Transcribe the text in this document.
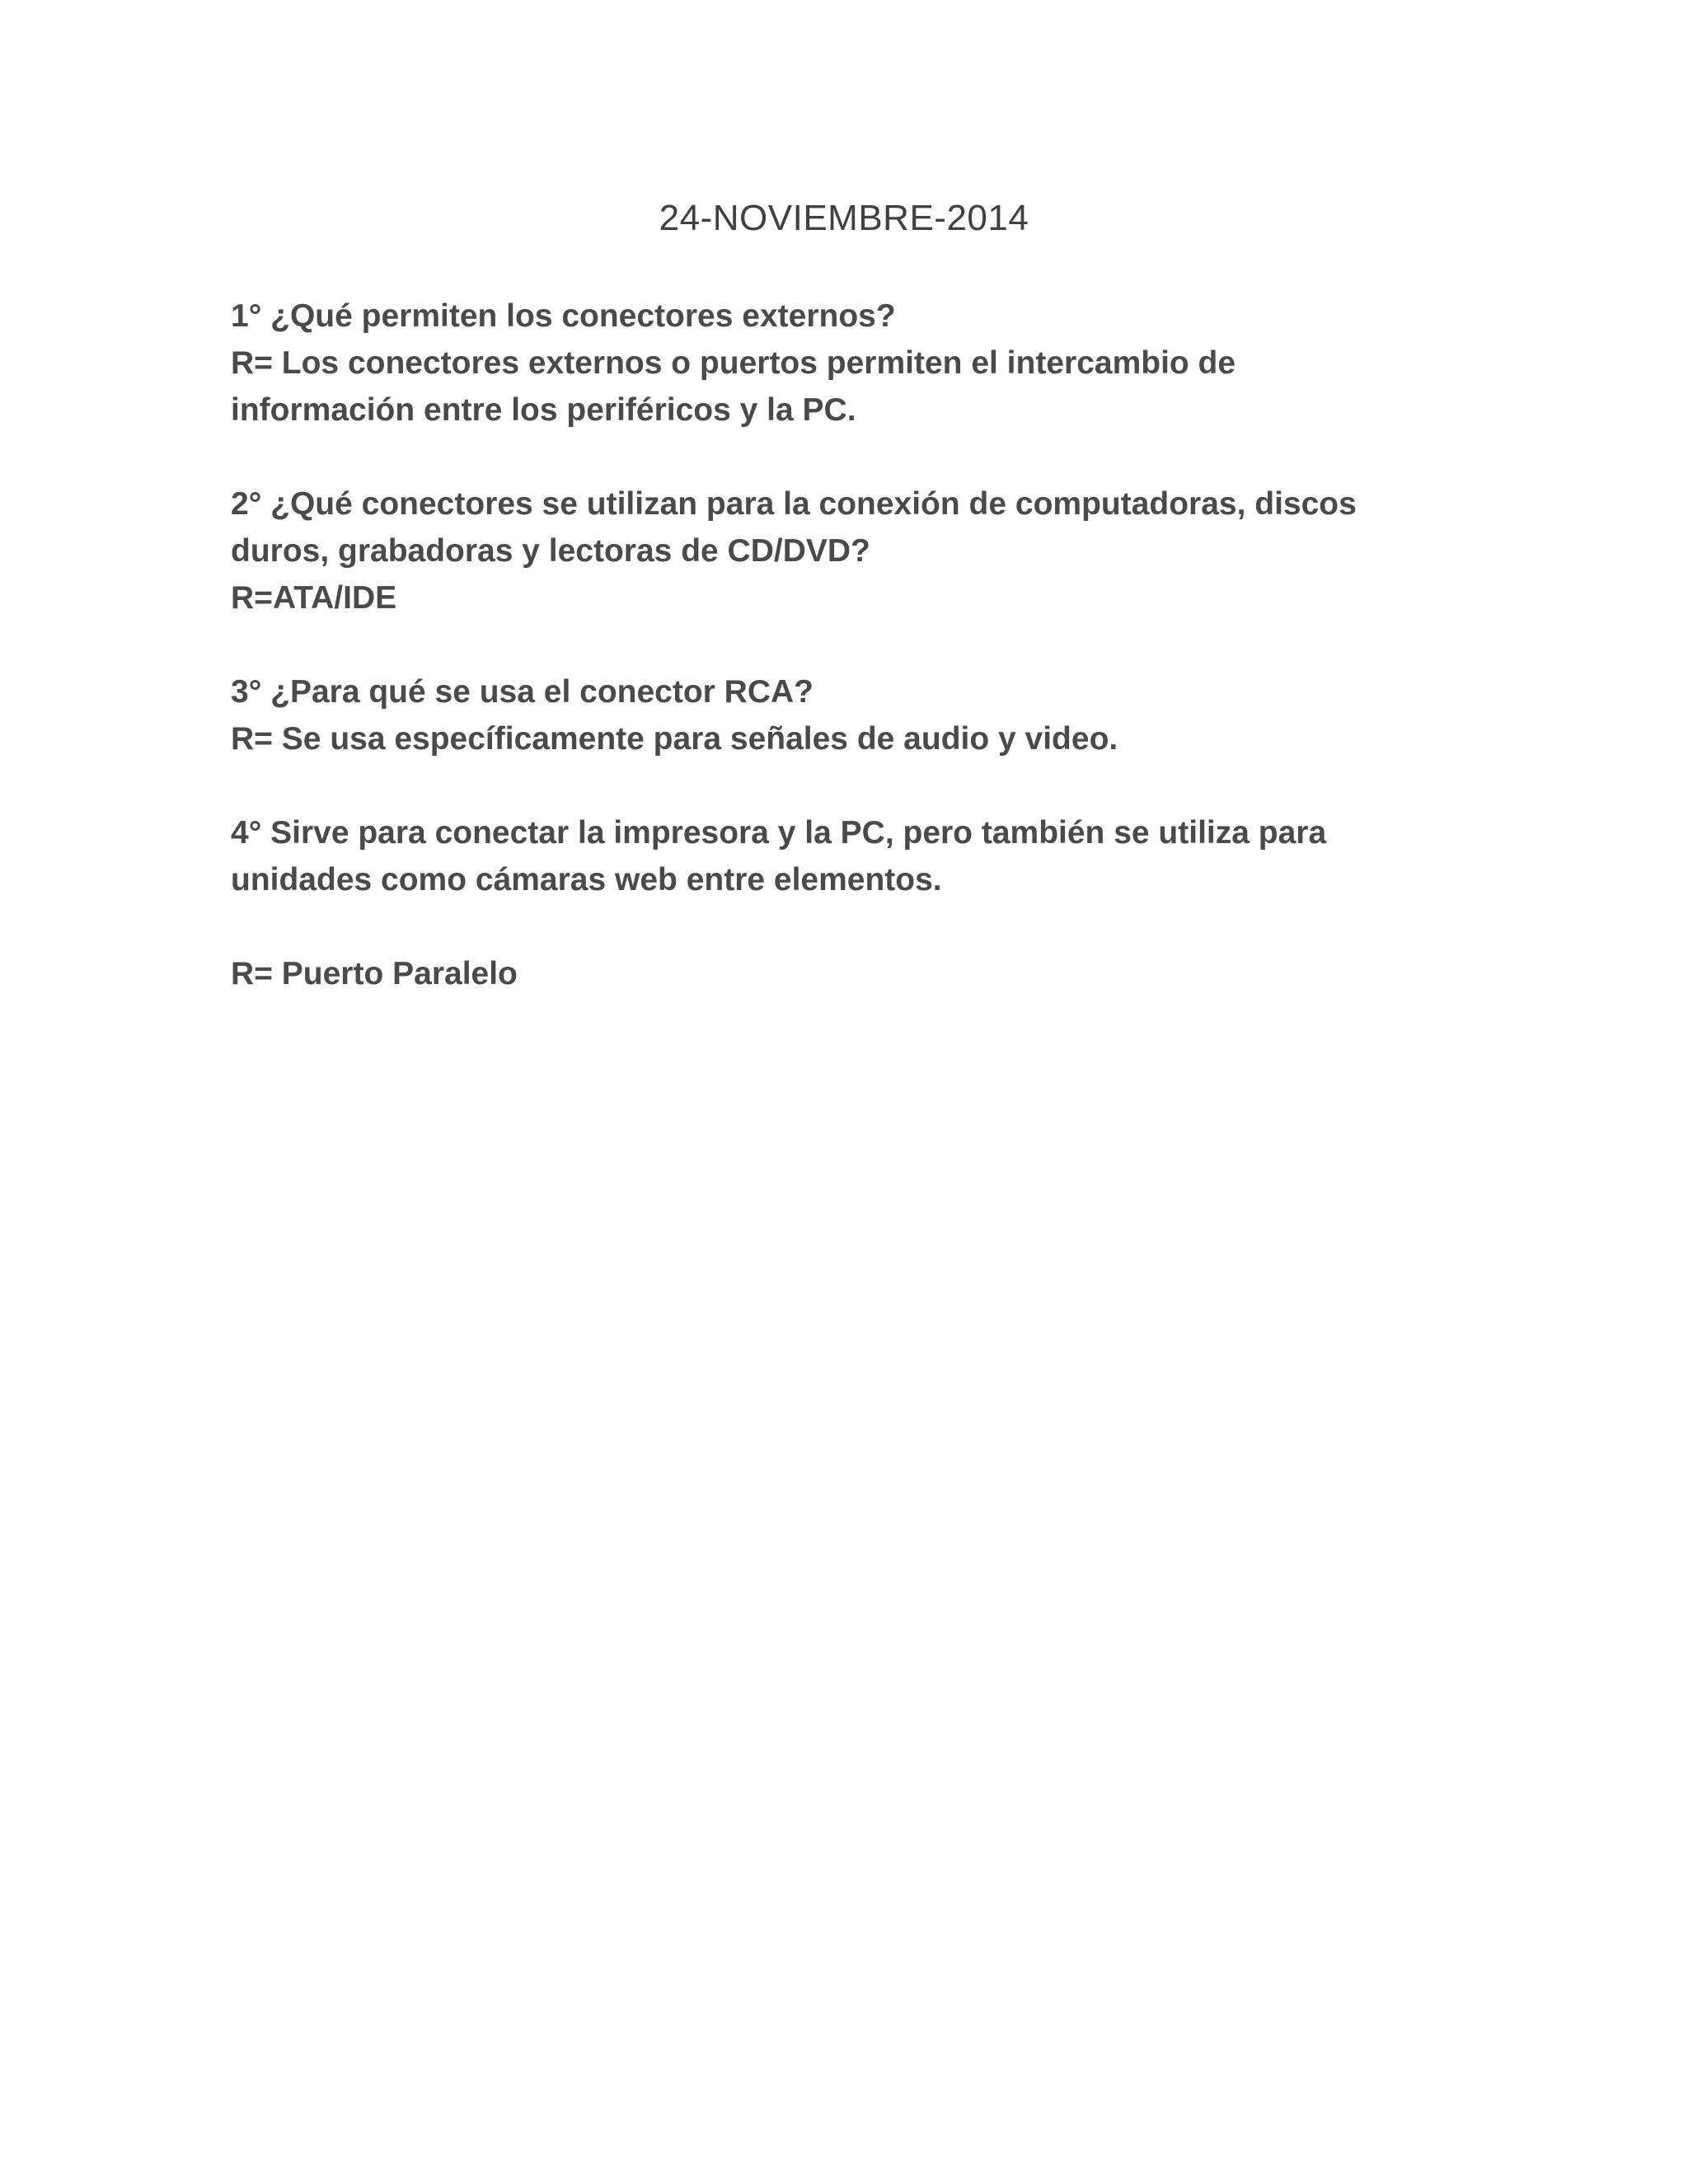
24-NOVIEMBRE-2014
1° ¿Qué permiten los conectores externos?
R= Los conectores externos o puertos permiten el intercambio de
información entre los periféricos y la PC.
2° ¿Qué conectores se utilizan para la conexión de computadoras, discos
duros, grabadoras y lectoras de CD/DVD?
R=ATA/IDE
3° ¿Para qué se usa el conector RCA?
R= Se usa específicamente para señales de audio y video.
4° Sirve para conectar la impresora y la PC, pero también se utiliza para
unidades como cámaras web entre elementos.
R= Puerto Paralelo
